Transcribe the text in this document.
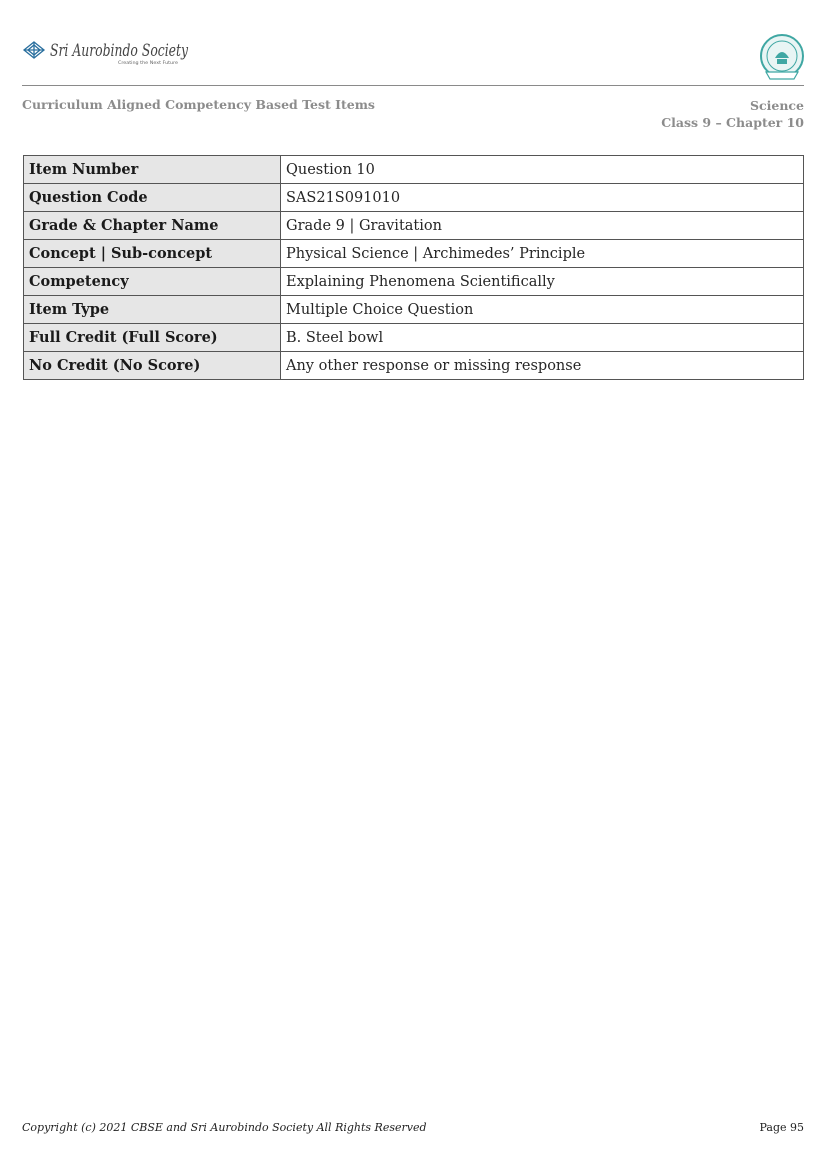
Sri Aurobindo Society
Creating the Next Future
Curriculum Aligned Competency Based Test Items	Science
Class 9 – Chapter 10
Item Number	Question 10
Question Code	SAS21S091010
Grade & Chapter Name	Grade 9 | Gravitation
Concept | Sub-concept	Physical Science | Archimedes’ Principle
Competency	Explaining Phenomena Scientifically
Item Type	Multiple Choice Question
Full Credit (Full Score)	B. Steel bowl
No Credit (No Score)	Any other response or missing response
Copyright (c) 2021 CBSE and Sri Aurobindo Society All Rights Reserved	Page 95
